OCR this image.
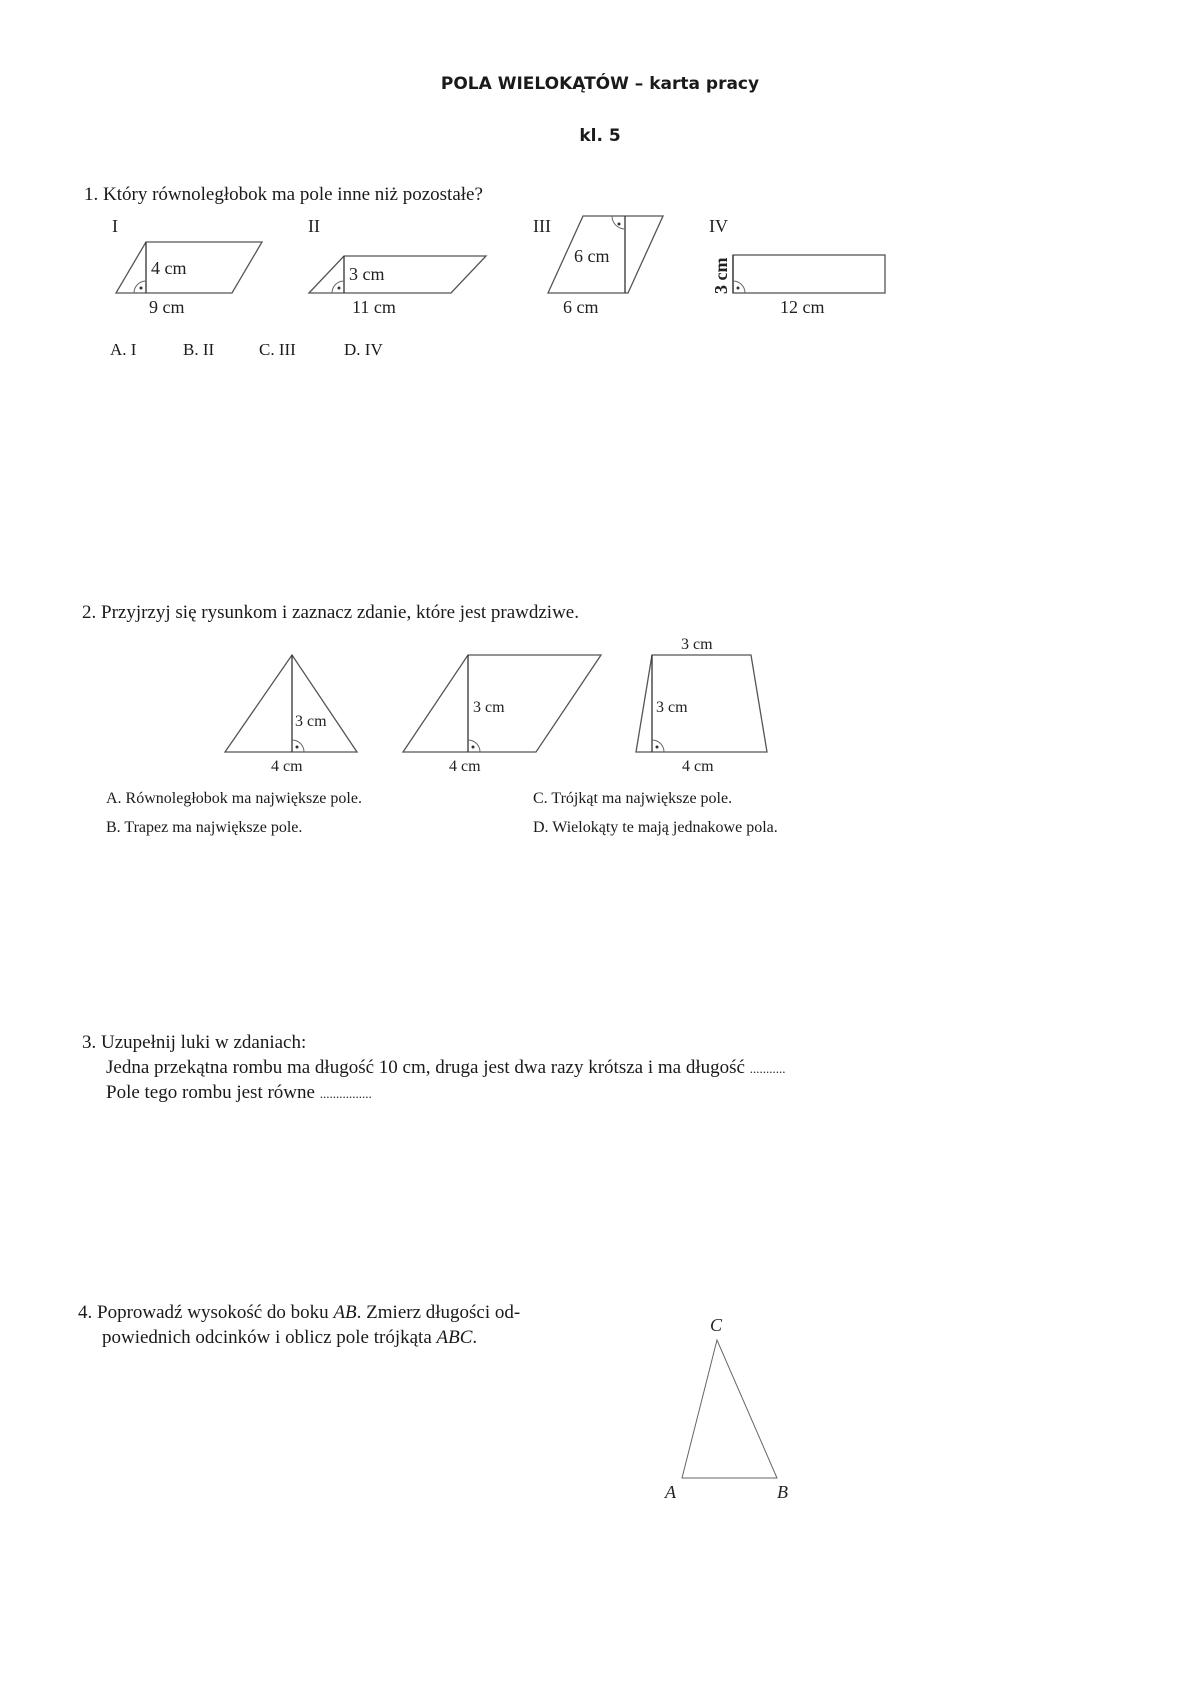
POLA WIELOKĄTÓW – karta pracy
kl. 5
1. Który równoległobok ma pole inne niż pozostałe?
A. I	B. II	C. III	D. IV
2. Przyjrzyj się rysunkom i zaznacz zdanie, które jest prawdziwe.
A. Równoległobok ma największe pole.
B. Trapez ma największe pole.
C. Trójkąt ma największe pole.
D. Wielokąty te mają jednakowe pola.
3. Uzupełnij luki w zdaniach:
Jedna przekątna rombu ma długość 10 cm, druga jest dwa razy krótsza i ma długość ...........
Pole tego rombu jest równe ................
4. Poprowadź wysokość do boku AB. Zmierz długości od-
powiednich odcinków i oblicz pole trójkąta ABC.
I
4 cm
9 cm
II
3 cm
11 cm
III
6 cm
6 cm
IV
3 cm
12 cm
3 cm
4 cm
3 cm
4 cm
3 cm
3 cm
4 cm
C
A	B
